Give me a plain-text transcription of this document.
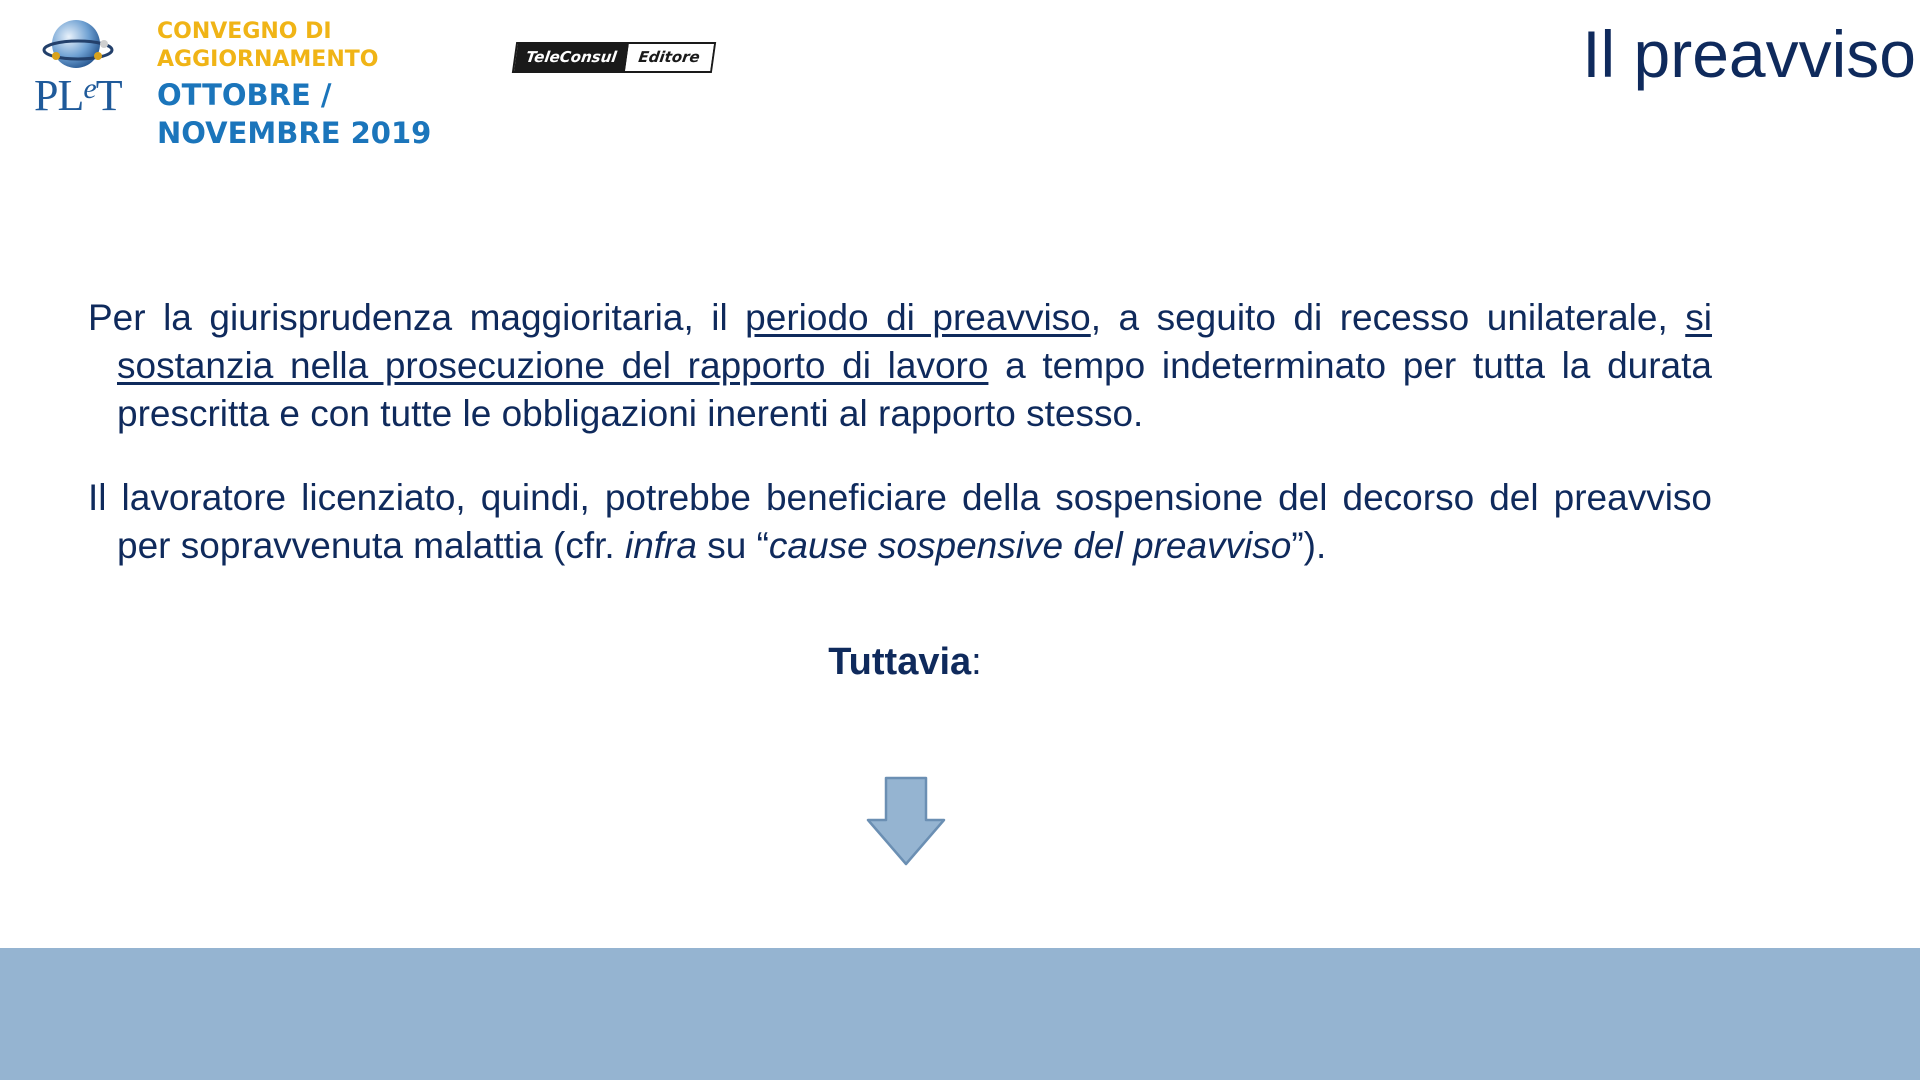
$PL^eT$
CONVEGNO DI AGGIORNAMENTO
OTTOBRE / NOVEMBRE 2019
TeleConsul	Editore	Il preavviso

Per la giurisprudenza maggioritaria, il periodo di preavviso, a seguito di recesso unilaterale, si sostanzia nella prosecuzione del rapporto di lavoro a tempo indeterminato per tutta la durata prescritta e con tutte le obbligazioni inerenti al rapporto stesso.

Il lavoratore licenziato, quindi, potrebbe beneficiare della sospensione del decorso del preavviso per sopravvenuta malattia (cfr. infra su “cause sospensive del preavviso”).

Tuttavia:
